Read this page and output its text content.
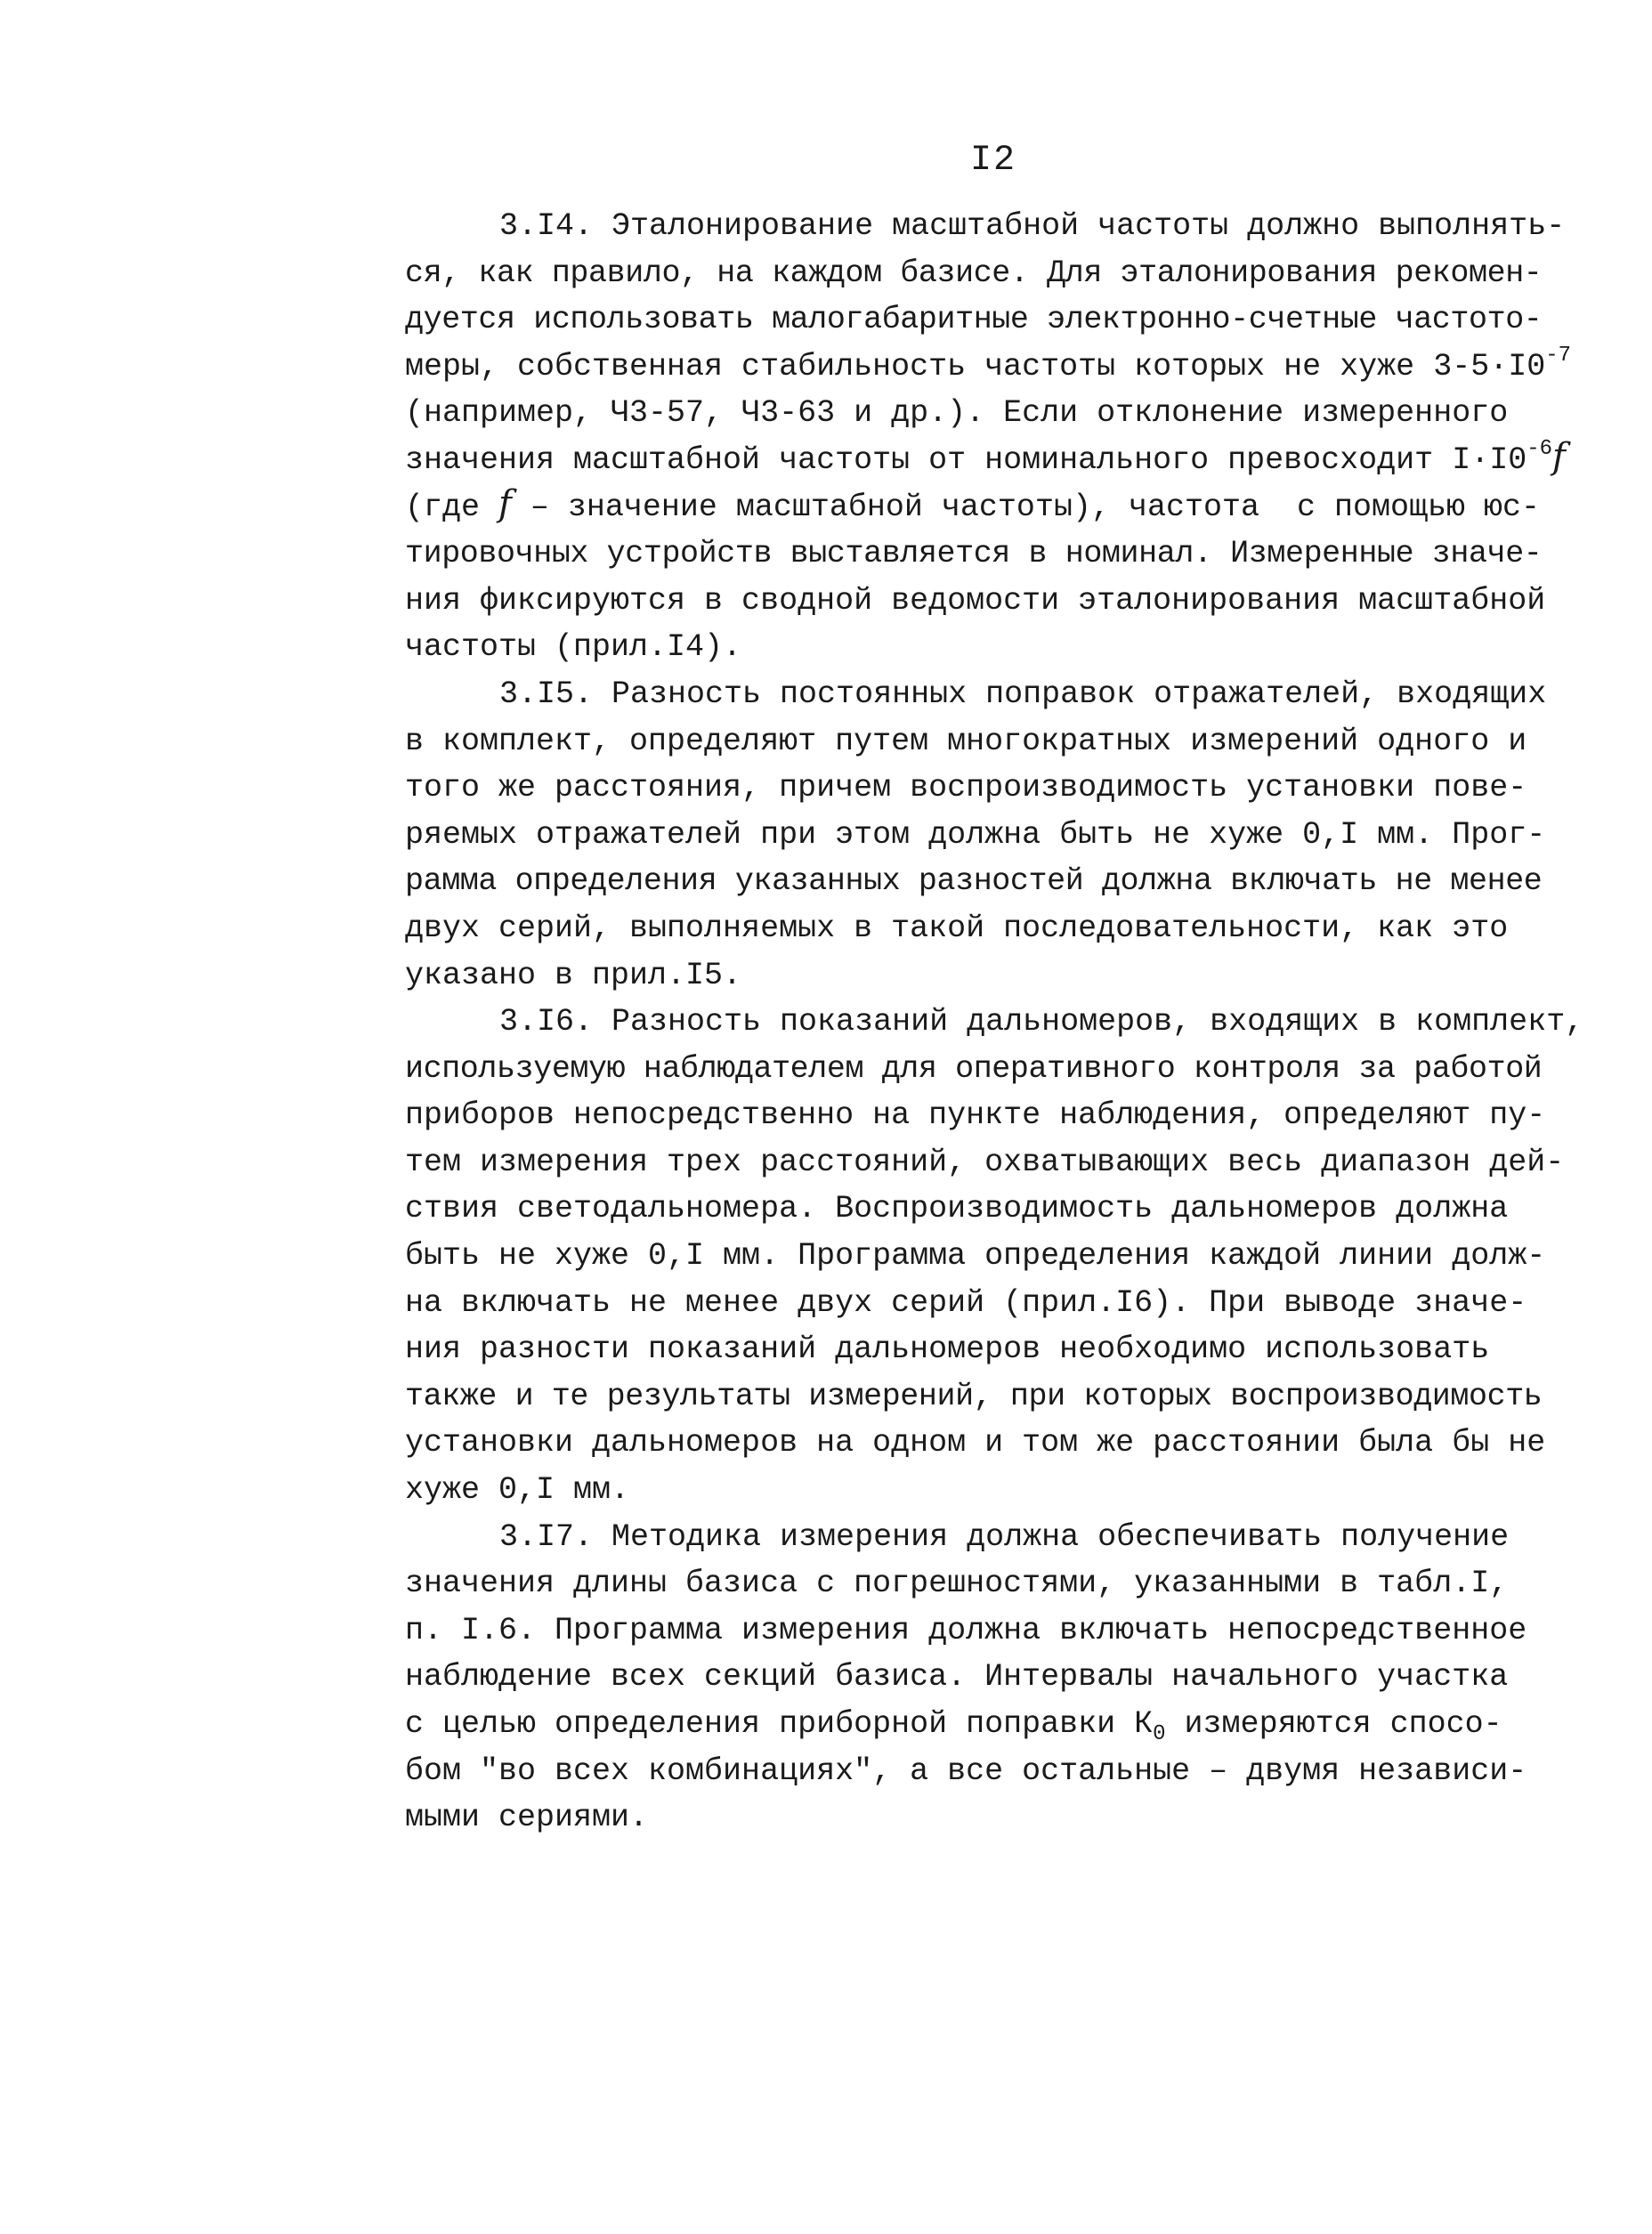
I2
3.I4. Эталонирование масштабной частоты должно выполнять-
ся, как правило, на каждом базисе. Для эталонирования рекомен-
дуется использовать малогабаритные электронно-счетные частото-
меры, собственная стабильность частоты которых не хуже $3-5\cdot I0^{-7}$
(например, Ч3-57, Ч3-63 и др.). Если отклонение измеренного
значения масштабной частоты от номинального превосходит $I\cdot I0^{-6}f$
(где f – значение масштабной частоты), частота  с помощью юс-
тировочных устройств выставляется в номинал. Измеренные значе-
ния фиксируются в сводной ведомости эталонирования масштабной
частоты (прил.I4).
3.I5. Разность постоянных поправок отражателей, входящих
в комплект, определяют путем многократных измерений одного и
того же расстояния, причем воспроизводимость установки пове-
ряемых отражателей при этом должна быть не хуже 0,I мм. Прог-
рамма определения указанных разностей должна включать не менее
двух серий, выполняемых в такой последовательности, как это
указано в прил.I5.
3.I6. Разность показаний дальномеров, входящих в комплект,
используемую наблюдателем для оперативного контроля за работой
приборов непосредственно на пункте наблюдения, определяют пу-
тем измерения трех расстояний, охватывающих весь диапазон дей-
ствия светодальномера. Воспроизводимость дальномеров должна
быть не хуже 0,I мм. Программа определения каждой линии долж-
на включать не менее двух серий (прил.I6). При выводе значе-
ния разности показаний дальномеров необходимо использовать
также и те результаты измерений, при которых воспроизводимость
установки дальномеров на одном и том же расстоянии была бы не
хуже 0,I мм.
3.I7. Методика измерения должна обеспечивать получение
значения длины базиса с погрешностями, указанными в табл.I,
п. I.6. Программа измерения должна включать непосредственное
наблюдение всех секций базиса. Интервалы начального участка
с целью определения приборной поправки $К_0$ измеряются спосо-
бом "во всех комбинациях", а все остальные – двумя независи-
мыми сериями.
